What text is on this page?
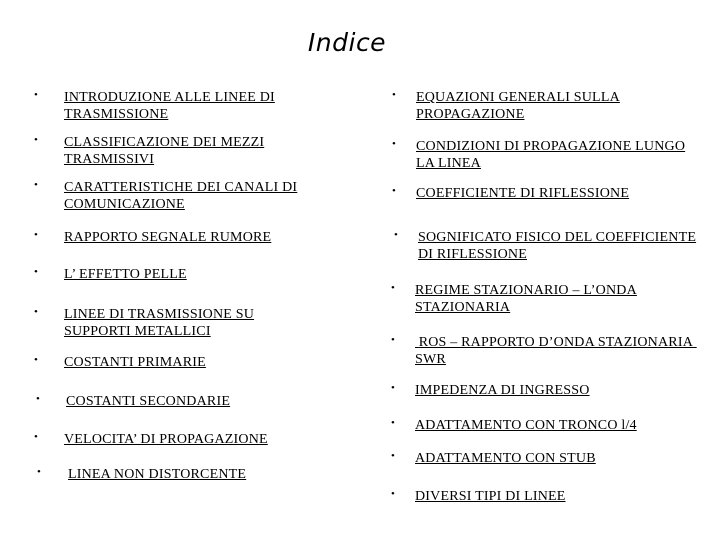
Indice
• INTRODUZIONE ALLE LINEE DI TRASMISSIONE
• CLASSIFICAZIONE DEI MEZZI TRASMISSIVI
• CARATTERISTICHE DEI CANALI DI COMUNICAZIONE
• RAPPORTO SEGNALE RUMORE
• L’ EFFETTO PELLE
• LINEE DI TRASMISSIONE SU SUPPORTI METALLICI
• COSTANTI PRIMARIE
• COSTANTI SECONDARIE
• VELOCITA’ DI PROPAGAZIONE
• LINEA NON DISTORCENTE
• EQUAZIONI GENERALI SULLA PROPAGAZIONE
• CONDIZIONI DI PROPAGAZIONE LUNGO LA LINEA
• COEFFICIENTE DI RIFLESSIONE
• SOGNIFICATO FISICO DEL COEFFICIENTE DI RIFLESSIONE
• REGIME STAZIONARIO – L’ONDA STAZIONARIA
• ROS – RAPPORTO D’ONDA STAZIONARIA SWR
• IMPEDENZA DI INGRESSO
• ADATTAMENTO CON TRONCO l/4
• ADATTAMENTO CON STUB
• DIVERSI TIPI DI LINEE
